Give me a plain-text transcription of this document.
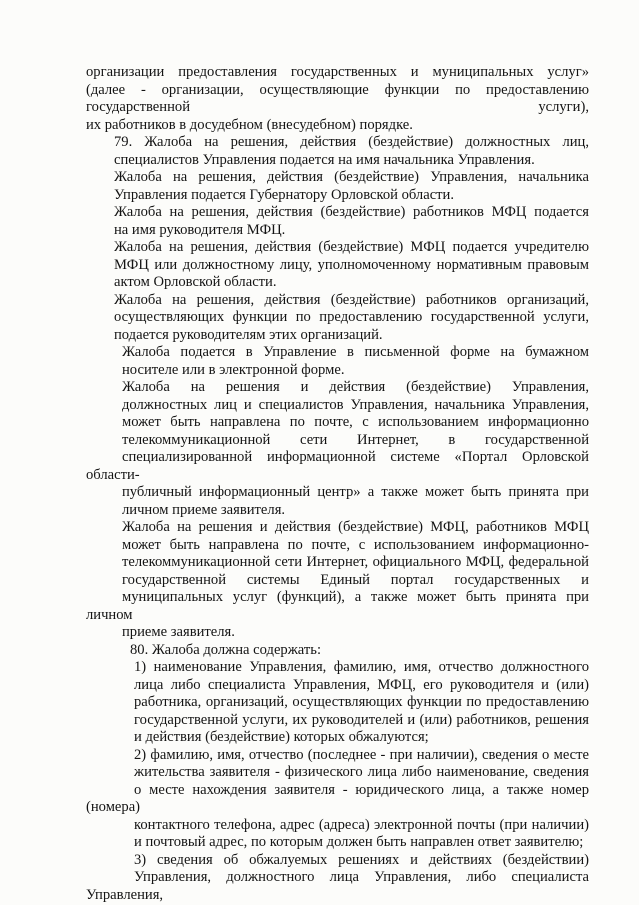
организации предоставления государственных и муниципальных услуг»
(далее - организации, осуществляющие функции по предоставлению
государственной услуги),
их работников в досудебном (внесудебном) порядке.

79. Жалоба на решения, действия (бездействие) должностных лиц,
специалистов Управления подается на имя начальника Управления.

Жалоба на решения, действия (бездействие) Управления, начальника
Управления подается Губернатору Орловской области.

Жалоба на решения, действия (бездействие) работников МФЦ подается
на имя руководителя МФЦ.

Жалоба на решения, действия (бездействие) МФЦ подается учредителю
МФЦ или должностному лицу, уполномоченному нормативным правовым
актом Орловской области.

Жалоба на решения, действия (бездействие) работников организаций,
осуществляющих функции по предоставлению государственной услуги,
подается руководителям этих организаций.

Жалоба подается в Управление в письменной форме на бумажном
носителе или в электронной форме.

Жалоба на решения и действия (бездействие) Управления,
должностных лиц и специалистов Управления, начальника Управления,
может быть направлена по почте, с использованием информационно
телекоммуникационной сети Интернет, в государственной
специализированной информационной системе «Портал Орловской области-
публичный информационный центр» а также может быть принята при
личном приеме заявителя.

Жалоба на решения и действия (бездействие) МФЦ, работников МФЦ
может быть направлена по почте, с использованием информационно-
телекоммуникационной сети Интернет, официального МФЦ, федеральной
государственной системы Единый портал государственных и
муниципальных услуг (функций), а также может быть принята при личном
приеме заявителя.

80. Жалоба должна содержать:

1) наименование Управления, фамилию, имя, отчество должностного
лица либо специалиста Управления, МФЦ, его руководителя и (или)
работника, организаций, осуществляющих функции по предоставлению
государственной услуги, их руководителей и (или) работников, решения
и действия (бездействие) которых обжалуются;

2) фамилию, имя, отчество (последнее - при наличии), сведения о месте
жительства заявителя - физического лица либо наименование, сведения
о месте нахождения заявителя - юридического лица, а также номер (номера)
контактного телефона, адрес (адреса) электронной почты (при наличии)
и почтовый адрес, по которым должен быть направлен ответ заявителю;

3) сведения об обжалуемых решениях и действиях (бездействии)
Управления, должностного лица Управления, либо специалиста Управления,
